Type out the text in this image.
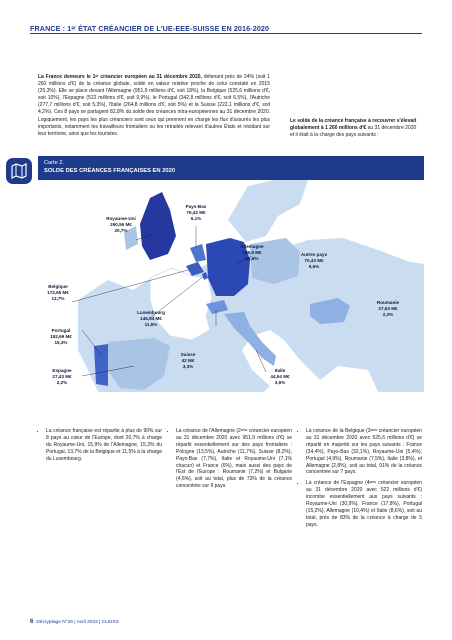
FRANCE : 1ᵉʳ ÉTAT CRÉANCIER DE L'UE-EEE-SUISSE EN 2016-2020
La France demeure le 1ᵉʳ créancier européen au 31 décembre 2020, détenant près de 24% (soit 1 260 millions d'€) de la créance globale, solde en valeur relative proche de celui constaté en 2015 (25,3%). Elle se place devant l'Allemagne (951,9 millions d'€, soit 18%), la Belgique (525,6 millions d'€, soit 10%), l'Espagne (522 millions d'€, soit 9,9%), le Portugal (342,8 millions d'€, soit 6,5%), l'Autriche (277,7 millions d'€, soit 5,3%), l'Italie (264,8 millions d'€, soit 5%) et la Suisse (222,1 millions d'€, soit 4,2%). Ces 8 pays se partagent 82,8% du solde des créances intra-européennes au 31 décembre 2020. Logiquement, les pays les plus créanciers sont ceux qui prennent en charge les flux d'assurés les plus importants, notamment les travailleurs frontaliers ou les retraités relevant d'autres États et résidant sur leur territoire, ainsi que les touristes.
Le solde de la créance française à recouvrer s'élevait globalement à 1 260 millions d'€ au 31 décembre 2020 et il était à la charge des pays suivants :
Carte 2.
SOLDE DES CRÉANCES FRANÇAISES EN 2020
Royaume-Uni
260,56 M€
20,7%
Pays-Bas
76,42 M€
6,1%
Allemagne
189,9 M€
15,9%
Autres pays
70,43 M€
5,6%
Belgique
172,65 M€
13,7%
Luxembourg
145,54 M€
11,5%
Roumanie
27,63 M€
2,2%
Portugal
192,69 M€
15,3%
Suisse
42 M€
3,3%
Espagne
27,43 M€
2,2%
Italie
44,94 M€
3,6%
• La créance française est répartie à plus de 90% sur 8 pays au cœur de l'Europe, dont 20,7% à charge du Royaume-Uni, 15,9% de l'Allemagne, 15,3% du Portugal, 13,7% de la Belgique et 11,5% à la charge du Luxembourg.
• La créance de l'Allemagne (2ᵉᵐᵉ créancier européen au 31 décembre 2020 avec 951,9 millions d'€) se répartit essentiellement sur des pays frontaliers : Pologne (13,5%), Autriche (11,7%), Suisse (8,2%), Pays-Bas (7,7%), Italie et Royaume-Uni (7,1% chacun) et France (6%), mais aussi des pays de l'Est de l'Europe : Roumanie (7,2%) et Bulgarie (4,6%), soit au total, plus de 73% de la créance concentrée sur 9 pays.
• La créance de la Belgique (3ᵉᵐᵉ créancier européen au 31 décembre 2020 avec 525,6 millions d'€) se répartit en majorité sur les pays suivants : France (34,4%), Pays-Bas (32,1%), Royaume-Uni (5,4%), Portugal (4,9%), Roumanie (7,5%), Italie (3,8%), et Allemagne (2,8%), soit au total, 91% de la créance concentrée sur 7 pays.
• La créance de l'Espagne (4ᵉᵐᵉ créancier européen au 31 décembre 2020 avec 522 millions d'€) incombe essentiellement aux pays suivants : Royaume-Uni (30,9%), France (17,8%), Portugal (15,2%), Allemagne (10,4%) et Italie (8,6%), soit au total, près de 83% de la créance à charge de 5 pays.
6 Décryptage N°26 | Avril 2022 | CLEISS
